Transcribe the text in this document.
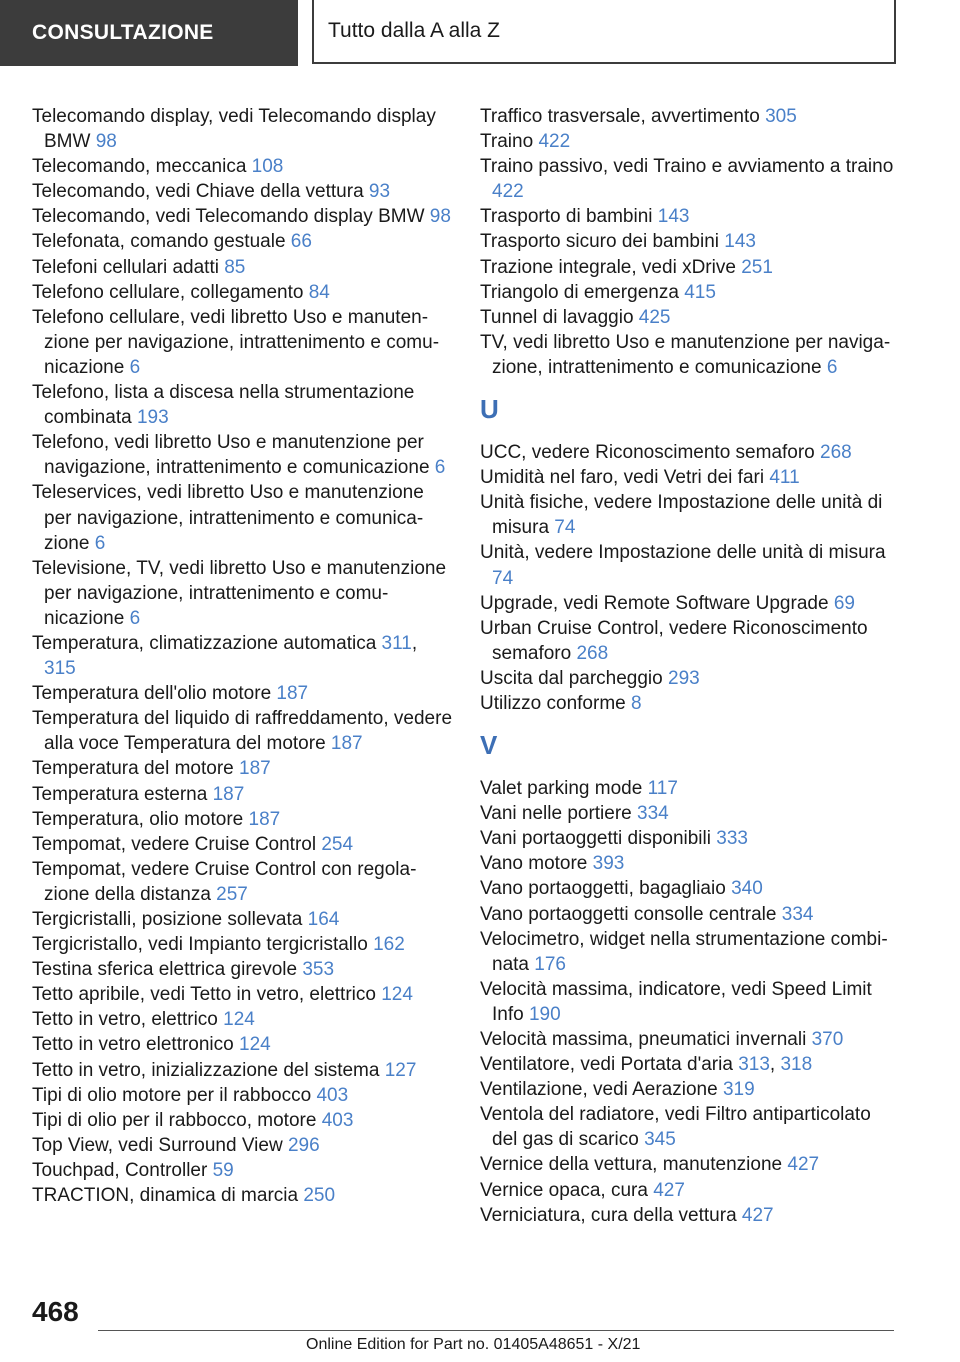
CONSULTAZIONE	Tutto dalla A alla Z
Telecomando display, vedi Telecomando display BMW 98
Telecomando, meccanica 108
Telecomando, vedi Chiave della vettura 93
Telecomando, vedi Telecomando display BMW 98
Telefonata, comando gestuale 66
Telefoni cellulari adatti 85
Telefono cellulare, collegamento 84
Telefono cellulare, vedi libretto Uso e manutenzione per navigazione, intrattenimento e comunicazione 6
Telefono, lista a discesa nella strumentazione combinata 193
Telefono, vedi libretto Uso e manutenzione per navigazione, intrattenimento e comunicazione 6
Teleservices, vedi libretto Uso e manutenzione per navigazione, intrattenimento e comunicazione 6
Televisione, TV, vedi libretto Uso e manutenzione per navigazione, intrattenimento e comunicazione 6
Temperatura, climatizzazione automatica 311, 315
Temperatura dell'olio motore 187
Temperatura del liquido di raffreddamento, vedere alla voce Temperatura del motore 187
Temperatura del motore 187
Temperatura esterna 187
Temperatura, olio motore 187
Tempomat, vedere Cruise Control 254
Tempomat, vedere Cruise Control con regolazione della distanza 257
Tergicristalli, posizione sollevata 164
Tergicristallo, vedi Impianto tergicristallo 162
Testina sferica elettrica girevole 353
Tetto apribile, vedi Tetto in vetro, elettrico 124
Tetto in vetro, elettrico 124
Tetto in vetro elettronico 124
Tetto in vetro, inizializzazione del sistema 127
Tipi di olio motore per il rabbocco 403
Tipi di olio per il rabbocco, motore 403
Top View, vedi Surround View 296
Touchpad, Controller 59
TRACTION, dinamica di marcia 250
Traffico trasversale, avvertimento 305
Traino 422
Traino passivo, vedi Traino e avviamento a traino 422
Trasporto di bambini 143
Trasporto sicuro dei bambini 143
Trazione integrale, vedi xDrive 251
Triangolo di emergenza 415
Tunnel di lavaggio 425
TV, vedi libretto Uso e manutenzione per navigazione, intrattenimento e comunicazione 6
U
UCC, vedere Riconoscimento semaforo 268
Umidità nel faro, vedi Vetri dei fari 411
Unità fisiche, vedere Impostazione delle unità di misura 74
Unità, vedere Impostazione delle unità di misura 74
Upgrade, vedi Remote Software Upgrade 69
Urban Cruise Control, vedere Riconoscimento semaforo 268
Uscita dal parcheggio 293
Utilizzo conforme 8
V
Valet parking mode 117
Vani nelle portiere 334
Vani portaoggetti disponibili 333
Vano motore 393
Vano portaoggetti, bagagliaio 340
Vano portaoggetti consolle centrale 334
Velocimetro, widget nella strumentazione combinata 176
Velocità massima, indicatore, vedi Speed Limit Info 190
Velocità massima, pneumatici invernali 370
Ventilatore, vedi Portata d'aria 313, 318
Ventilazione, vedi Aerazione 319
Ventola del radiatore, vedi Filtro antiparticolato del gas di scarico 345
Vernice della vettura, manutenzione 427
Vernice opaca, cura 427
Verniciatura, cura della vettura 427
468
Online Edition for Part no. 01405A48651 - X/21
